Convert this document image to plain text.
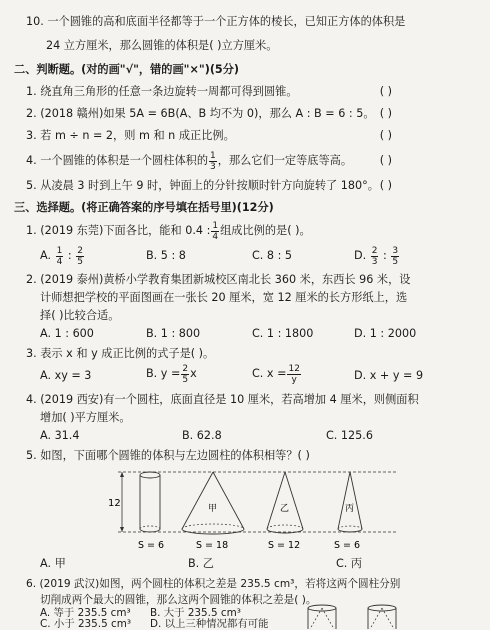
10. 一个圆锥的高和底面半径都等于一个正方体的棱长，已知正方体的体积是
24 立方厘米，那么圆锥的体积是( )立方厘米。
二、判断题。(对的画"√"，错的画"×")(5分)
1. 绕直角三角形的任意一条边旋转一周都可得到圆锥。	( )
2. (2018 赣州)如果 5A = 6B(A、B 均不为 0)，那么 A : B = 6 : 5。 ( )
3. 若 m ÷ n = 2，则 m 和 n 成正比例。	( )
4. 一个圆锥的体积是一个圆柱体积的 $\frac{1}{3}$ ，那么它们一定等底等高。 ( )
5. 从凌晨 3 时到上午 9 时，钟面上的分针按顺时针方向旋转了 180°。 ( )
三、选择题。(将正确答案的序号填在括号里)(12分)
1. (2019 东莞)下面各比，能和 0.4 : $\frac{1}{4}$ 组成比例的是( )。
A. $\frac{1}{4}$ : $\frac{2}{5}$	B. 5 : 8	C. 8 : 5	D. $\frac{2}{3}$ : $\frac{3}{5}$
2. (2019 泰州)黄桥小学教育集团新城校区南北长 360 米，东西长 96 米，设
计师想把学校的平面图画在一张长 20 厘米，宽 12 厘米的长方形纸上，选
择( )比较合适。
A. 1 : 600	B. 1 : 800	C. 1 : 1800	D. 1 : 2000
3. 表示 x 和 y 成正比例的式子是( )。
A. xy = 3	B. $y = \frac{2}{5}$ x	C. $x = \frac{12}{y}$	D. x + y = 9
4. (2019 西安)有一个圆柱，底面直径是 10 厘米，若高增加 4 厘米，则侧面积
增加( )平方厘米。
A. 31.4	B. 62.8	C. 125.6
5. 如图，下面哪个圆锥的体积与左边圆柱的体积相等？( )
12
S = 6
甲
S = 18
乙
S = 12
丙
S = 6
A. 甲	B. 乙	C. 丙
6. (2019 武汉)如图，两个圆柱的体积之差是 235.5 cm³，若将这两个圆柱分别
切削成两个最大的圆锥，那么这两个圆锥的体积之差是( )。
A. 等于 235.5 cm³ B. 大于 235.5 cm³
C. 小于 235.5 cm³ D. 以上三种情况都有可能
